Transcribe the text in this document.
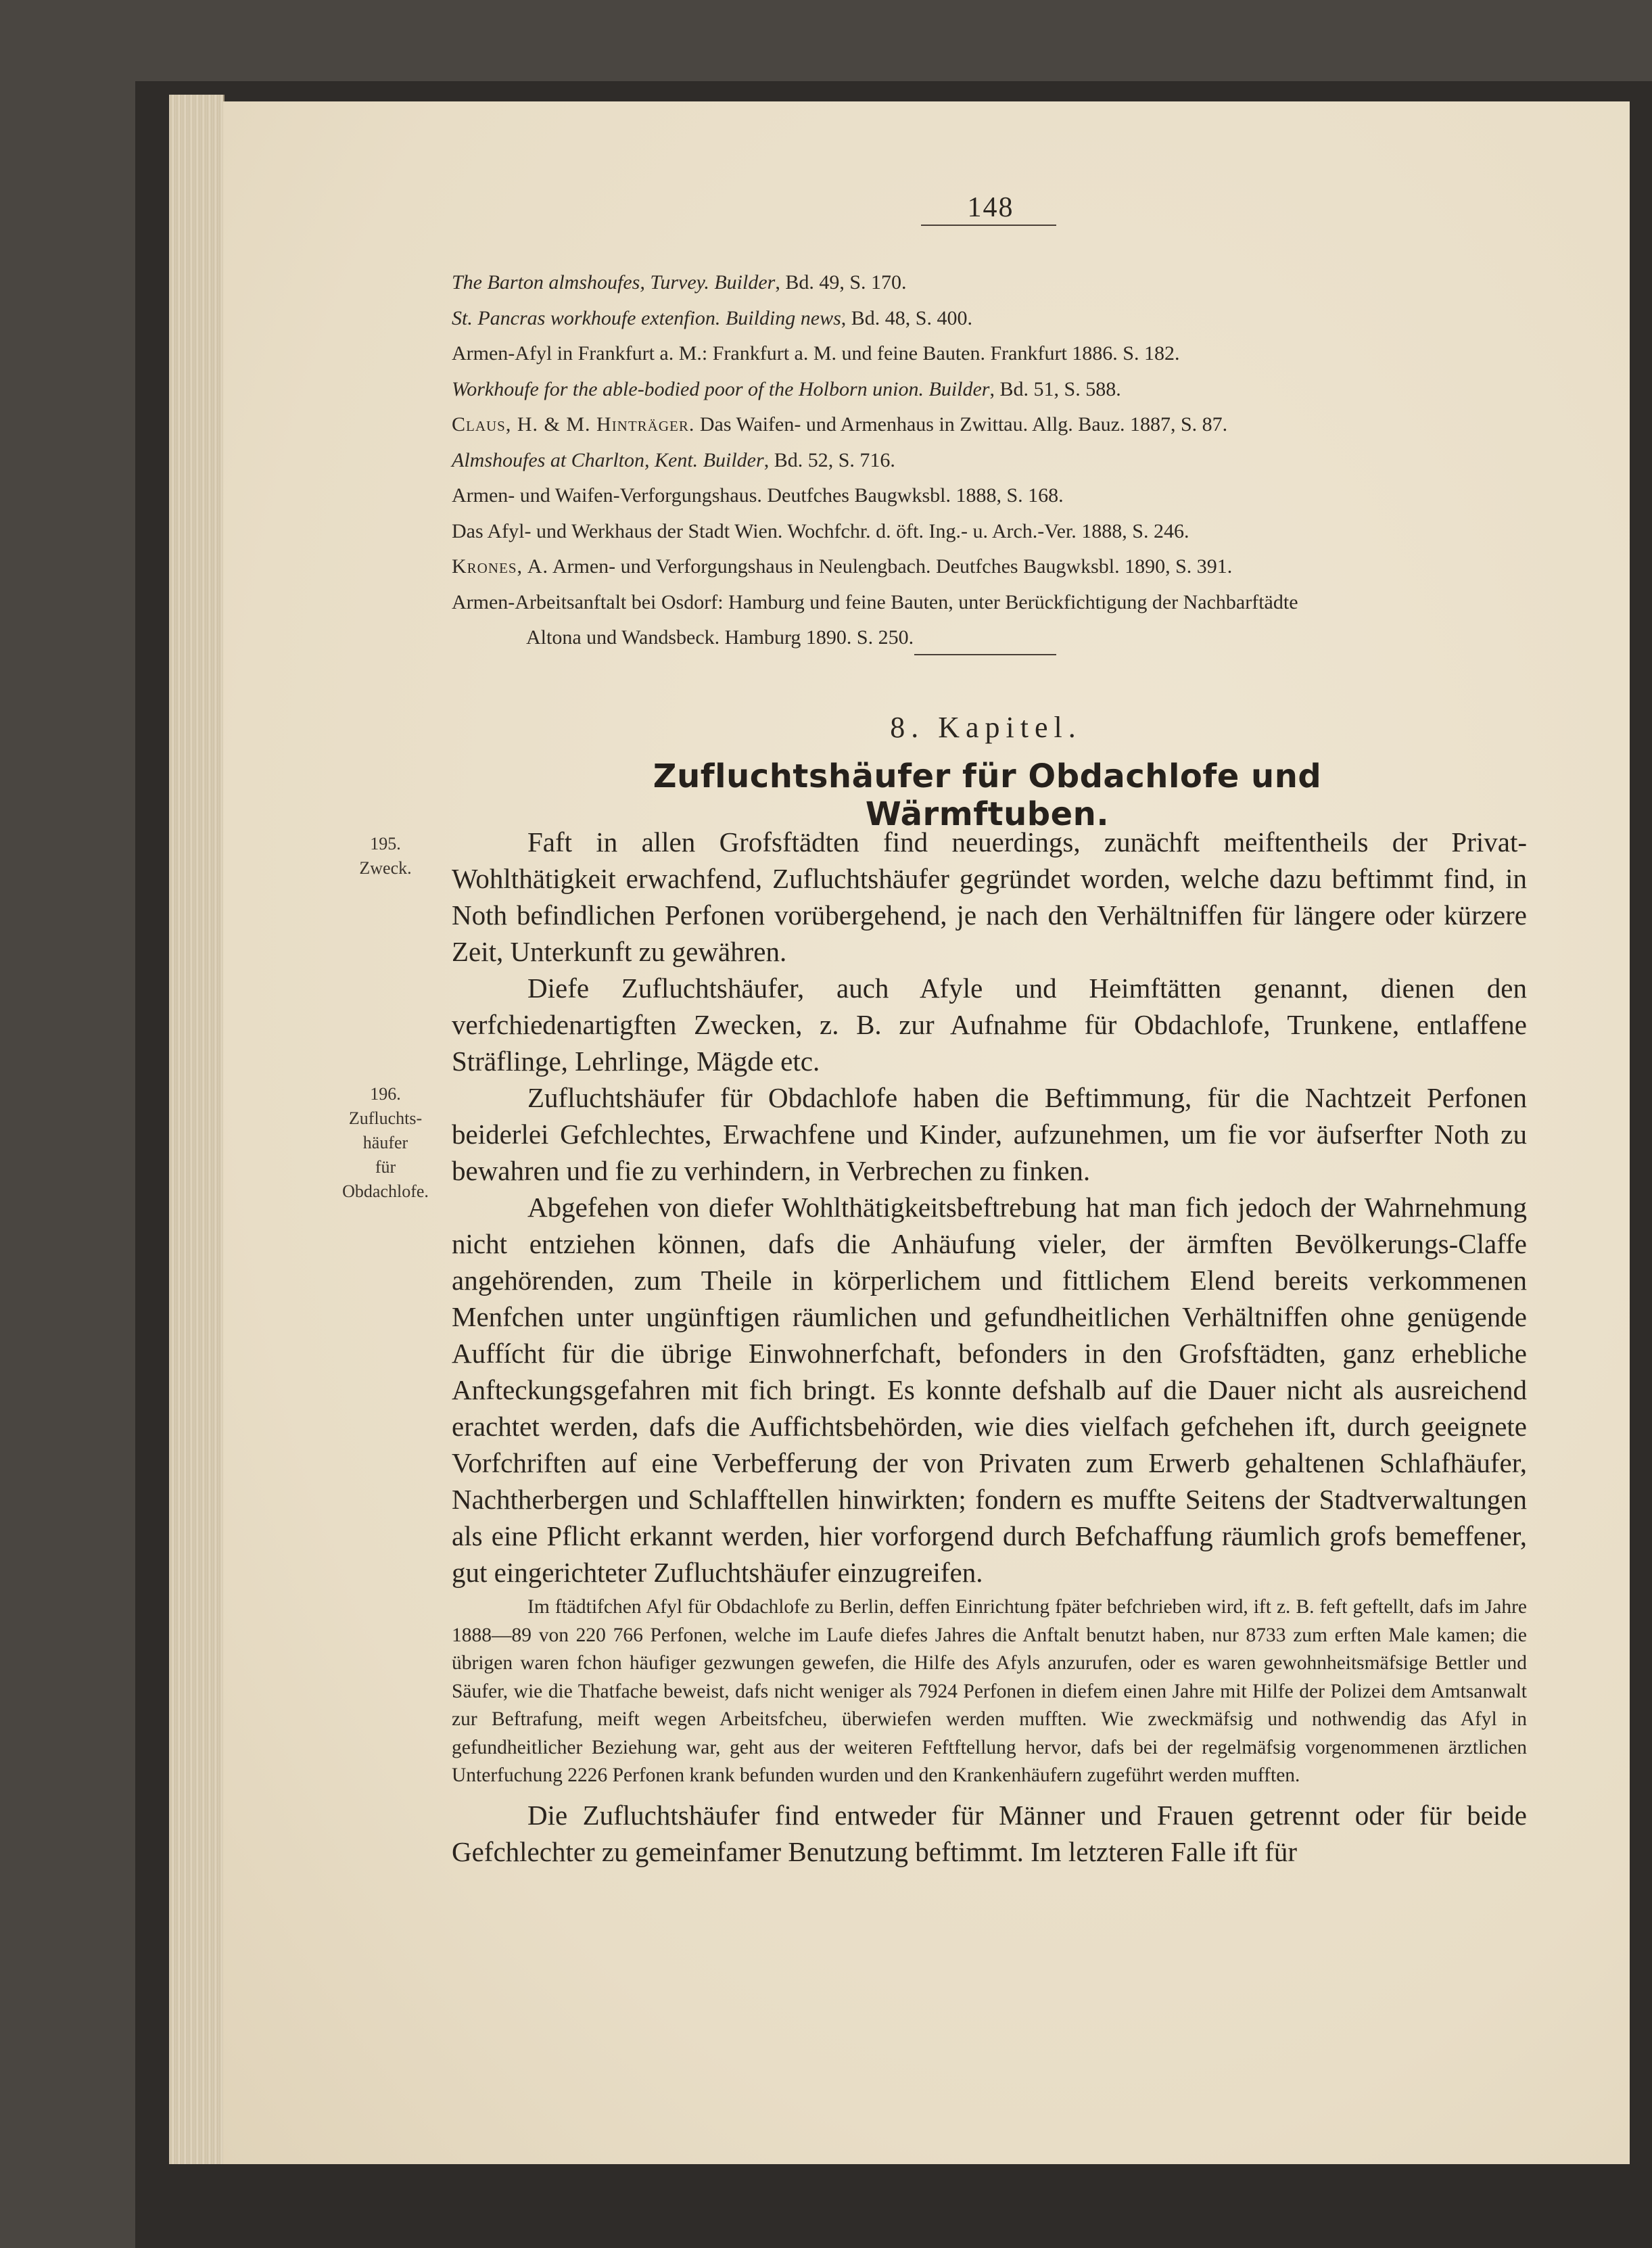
148
The Barton almshoufes, Turvey. Builder, Bd. 49, S. 170.
St. Pancras workhoufe extenfion. Building news, Bd. 48, S. 400.
Armen-Afyl in Frankfurt a. M.: Frankfurt a. M. und feine Bauten. Frankfurt 1886. S. 182.
Workhoufe for the able-bodied poor of the Holborn union. Builder, Bd. 51, S. 588.
Claus, H. & M. Hinträger. Das Waifen- und Armenhaus in Zwittau. Allg. Bauz. 1887, S. 87.
Almshoufes at Charlton, Kent. Builder, Bd. 52, S. 716.
Armen- und Waifen-Verforgungshaus. Deutfches Baugwksbl. 1888, S. 168.
Das Afyl- und Werkhaus der Stadt Wien. Wochfchr. d. öft. Ing.- u. Arch.-Ver. 1888, S. 246.
Krones, A. Armen- und Verforgungshaus in Neulengbach. Deutfches Baugwksbl. 1890, S. 391.
Armen-Arbeitsanftalt bei Osdorf: Hamburg und feine Bauten, unter Berückfichtigung der Nachbarftädte
Altona und Wandsbeck. Hamburg 1890. S. 250.
8. Kapitel.
Zufluchtshäufer für Obdachlofe und Wärmftuben.
195.
Zweck.
196.
Zufluchts-
häufer
für
Obdachlofe.

Faft in allen Grofsftädten find neuerdings, zunächft meiftentheils der Privat-Wohlthätigkeit erwachfend, Zufluchtshäufer gegründet worden, welche dazu beftimmt find, in Noth befindlichen Perfonen vorübergehend, je nach den Verhältniffen für längere oder kürzere Zeit, Unterkunft zu gewähren.

Diefe Zufluchtshäufer, auch Afyle und Heimftätten genannt, dienen den verfchiedenartigften Zwecken, z. B. zur Aufnahme für Obdachlofe, Trunkene, entlaffene Sträflinge, Lehrlinge, Mägde etc.

Zufluchtshäufer für Obdachlofe haben die Beftimmung, für die Nachtzeit Perfonen beiderlei Gefchlechtes, Erwachfene und Kinder, aufzunehmen, um fie vor äufserfter Noth zu bewahren und fie zu verhindern, in Verbrechen zu finken.

Abgefehen von diefer Wohlthätigkeitsbeftrebung hat man fich jedoch der Wahrnehmung nicht entziehen können, dafs die Anhäufung vieler, der ärmften Bevölkerungs-Claffe angehörenden, zum Theile in körperlichem und fittlichem Elend bereits verkommenen Menfchen unter ungünftigen räumlichen und gefundheitlichen Verhältniffen ohne genügende Auffícht für die übrige Einwohnerfchaft, befonders in den Grofsftädten, ganz erhebliche Anfteckungsgefahren mit fich bringt. Es konnte defshalb auf die Dauer nicht als ausreichend erachtet werden, dafs die Auffichtsbehörden, wie dies vielfach gefchehen ift, durch geeignete Vorfchriften auf eine Verbefferung der von Privaten zum Erwerb gehaltenen Schlafhäufer, Nachtherbergen und Schlafftellen hinwirkten; fondern es muffte Seitens der Stadtverwaltungen als eine Pflicht erkannt werden, hier vorforgend durch Befchaffung räumlich grofs bemeffener, gut eingerichteter Zufluchtshäufer einzugreifen.

Im ftädtifchen Afyl für Obdachlofe zu Berlin, deffen Einrichtung fpäter befchrieben wird, ift z. B. feft geftellt, dafs im Jahre 1888—89 von 220 766 Perfonen, welche im Laufe diefes Jahres die Anftalt benutzt haben, nur 8733 zum erften Male kamen; die übrigen waren fchon häufiger gezwungen gewefen, die Hilfe des Afyls anzurufen, oder es waren gewohnheitsmäfsige Bettler und Säufer, wie die Thatfache beweist, dafs nicht weniger als 7924 Perfonen in diefem einen Jahre mit Hilfe der Polizei dem Amtsanwalt zur Beftrafung, meift wegen Arbeitsfcheu, überwiefen werden mufften. Wie zweckmäfsig und nothwendig das Afyl in gefundheitlicher Beziehung war, geht aus der weiteren Feftftellung hervor, dafs bei der regelmäfsig vorgenommenen ärztlichen Unterfuchung 2226 Perfonen krank befunden wurden und den Krankenhäufern zugeführt werden mufften.

Die Zufluchtshäufer find entweder für Männer und Frauen getrennt oder für beide Gefchlechter zu gemeinfamer Benutzung beftimmt. Im letzteren Falle ift für
